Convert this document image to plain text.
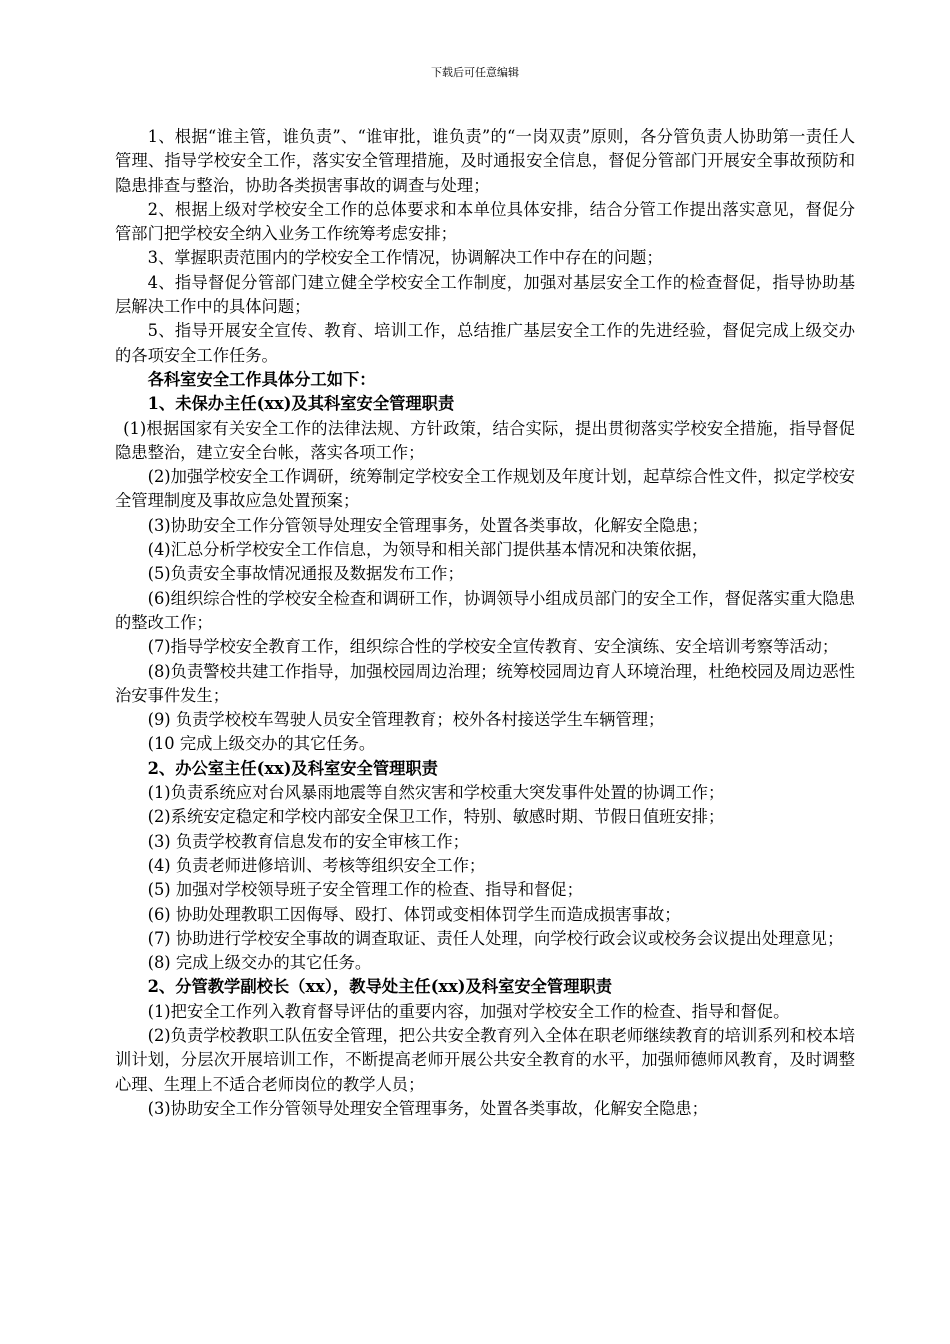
下载后可任意编辑

1、根据“谁主管，谁负责”、“谁审批，谁负责”的“一岗双责”原则，各分管负责人协助第一责任人管理、指导学校安全工作，落实安全管理措施，及时通报安全信息，督促分管部门开展安全事故预防和隐患排查与整治，协助各类损害事故的调查与处理；

2、根据上级对学校安全工作的总体要求和本单位具体安排，结合分管工作提出落实意见，督促分管部门把学校安全纳入业务工作统筹考虑安排；

3、掌握职责范围内的学校安全工作情况，协调解决工作中存在的问题；

4、指导督促分管部门建立健全学校安全工作制度，加强对基层安全工作的检查督促，指导协助基层解决工作中的具体问题；

5、指导开展安全宣传、教育、培训工作，总结推广基层安全工作的先进经验，督促完成上级交办的各项安全工作任务。

各科室安全工作具体分工如下：

1、未保办主任(xx)及其科室安全管理职责

(1)根据国家有关安全工作的法律法规、方针政策，结合实际，提出贯彻落实学校安全措施，指导督促隐患整治，建立安全台帐，落实各项工作；

(2)加强学校安全工作调研，统筹制定学校安全工作规划及年度计划，起草综合性文件，拟定学校安全管理制度及事故应急处置预案；

(3)协助安全工作分管领导处理安全管理事务，处置各类事故，化解安全隐患；

(4)汇总分析学校安全工作信息，为领导和相关部门提供基本情况和决策依据，

(5)负责安全事故情况通报及数据发布工作；

(6)组织综合性的学校安全检查和调研工作，协调领导小组成员部门的安全工作，督促落实重大隐患的整改工作；

(7)指导学校安全教育工作，组织综合性的学校安全宣传教育、安全演练、安全培训考察等活动；

(8)负责警校共建工作指导，加强校园周边治理；统筹校园周边育人环境治理，杜绝校园及周边恶性治安事件发生；

(9) 负责学校校车驾驶人员安全管理教育；校外各村接送学生车辆管理；

(10 完成上级交办的其它任务。

2、办公室主任(xx)及科室安全管理职责

(1)负责系统应对台风暴雨地震等自然灾害和学校重大突发事件处置的协调工作；

(2)系统安定稳定和学校内部安全保卫工作，特别、敏感时期、节假日值班安排；

(3) 负责学校教育信息发布的安全审核工作；

(4) 负责老师进修培训、考核等组织安全工作；

(5) 加强对学校领导班子安全管理工作的检查、指导和督促；

(6) 协助处理教职工因侮辱、殴打、体罚或变相体罚学生而造成损害事故；

(7) 协助进行学校安全事故的调查取证、责任人处理，向学校行政会议或校务会议提出处理意见；

(8) 完成上级交办的其它任务。

2、分管教学副校长（xx），教导处主任(xx)及科室安全管理职责

(1)把安全工作列入教育督导评估的重要内容，加强对学校安全工作的检查、指导和督促。

(2)负责学校教职工队伍安全管理，把公共安全教育列入全体在职老师继续教育的培训系列和校本培训计划，分层次开展培训工作，不断提高老师开展公共安全教育的水平，加强师德师风教育，及时调整心理、生理上不适合老师岗位的教学人员；

(3)协助安全工作分管领导处理安全管理事务，处置各类事故，化解安全隐患；
